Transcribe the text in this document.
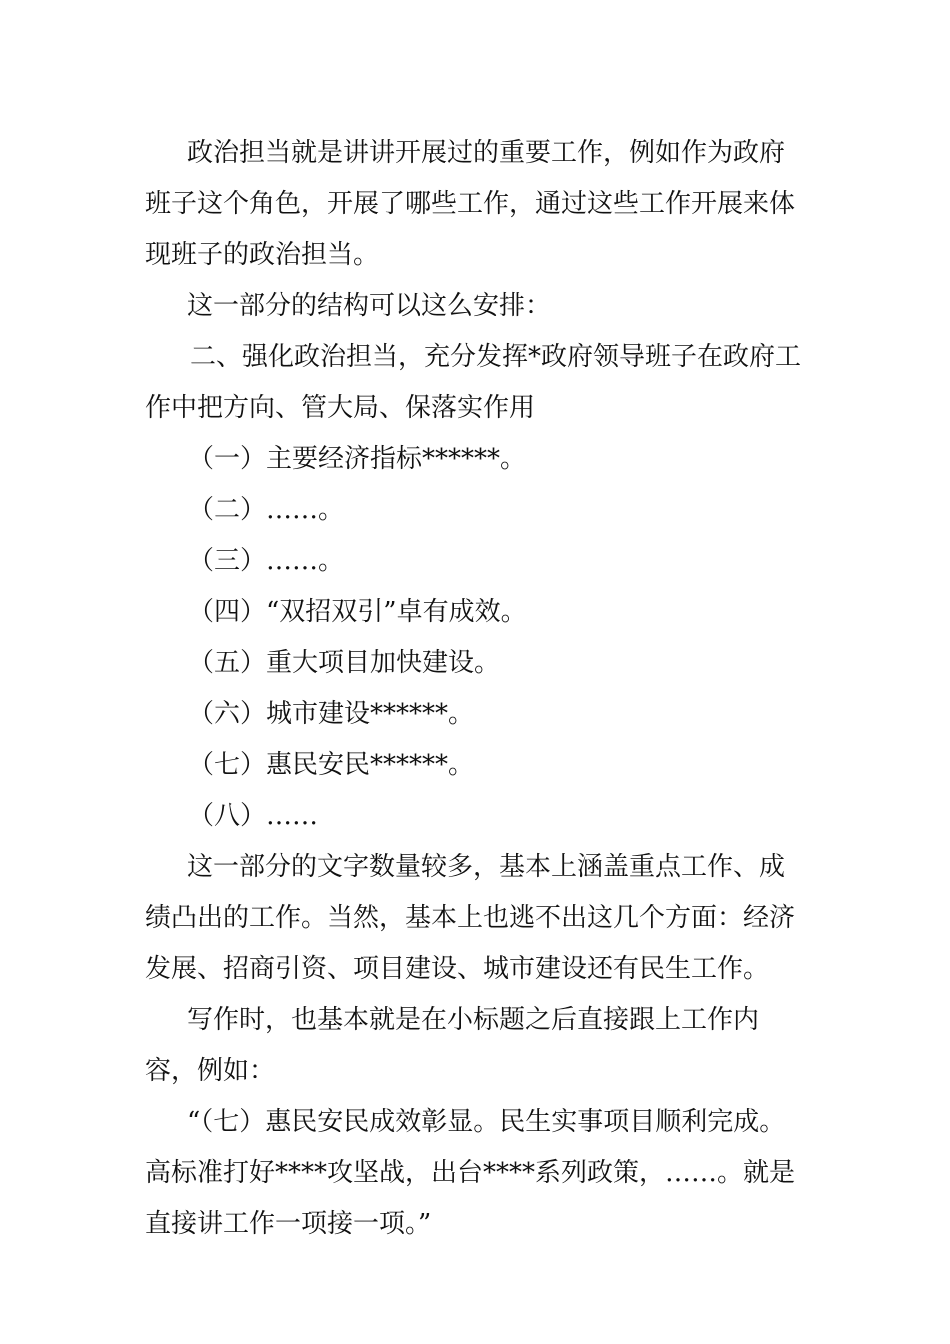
政治担当就是讲讲开展过的重要工作，例如作为政府班子这个角色，开展了哪些工作，通过这些工作开展来体现班子的政治担当。

这一部分的结构可以这么安排：

二、强化政治担当，充分发挥*政府领导班子在政府工作中把方向、管大局、保落实作用

（一）主要经济指标******。

（二）……。

（三）……。

（四）“双招双引”卓有成效。

（五）重大项目加快建设。

（六）城市建设******。

（七）惠民安民******。

（八）……

这一部分的文字数量较多，基本上涵盖重点工作、成绩凸出的工作。当然，基本上也逃不出这几个方面：经济发展、招商引资、项目建设、城市建设还有民生工作。

写作时，也基本就是在小标题之后直接跟上工作内容，例如：

“（七）惠民安民成效彰显。民生实事项目顺利完成。高标准打好****攻坚战，出台****系列政策，……。就是直接讲工作一项接一项。”
